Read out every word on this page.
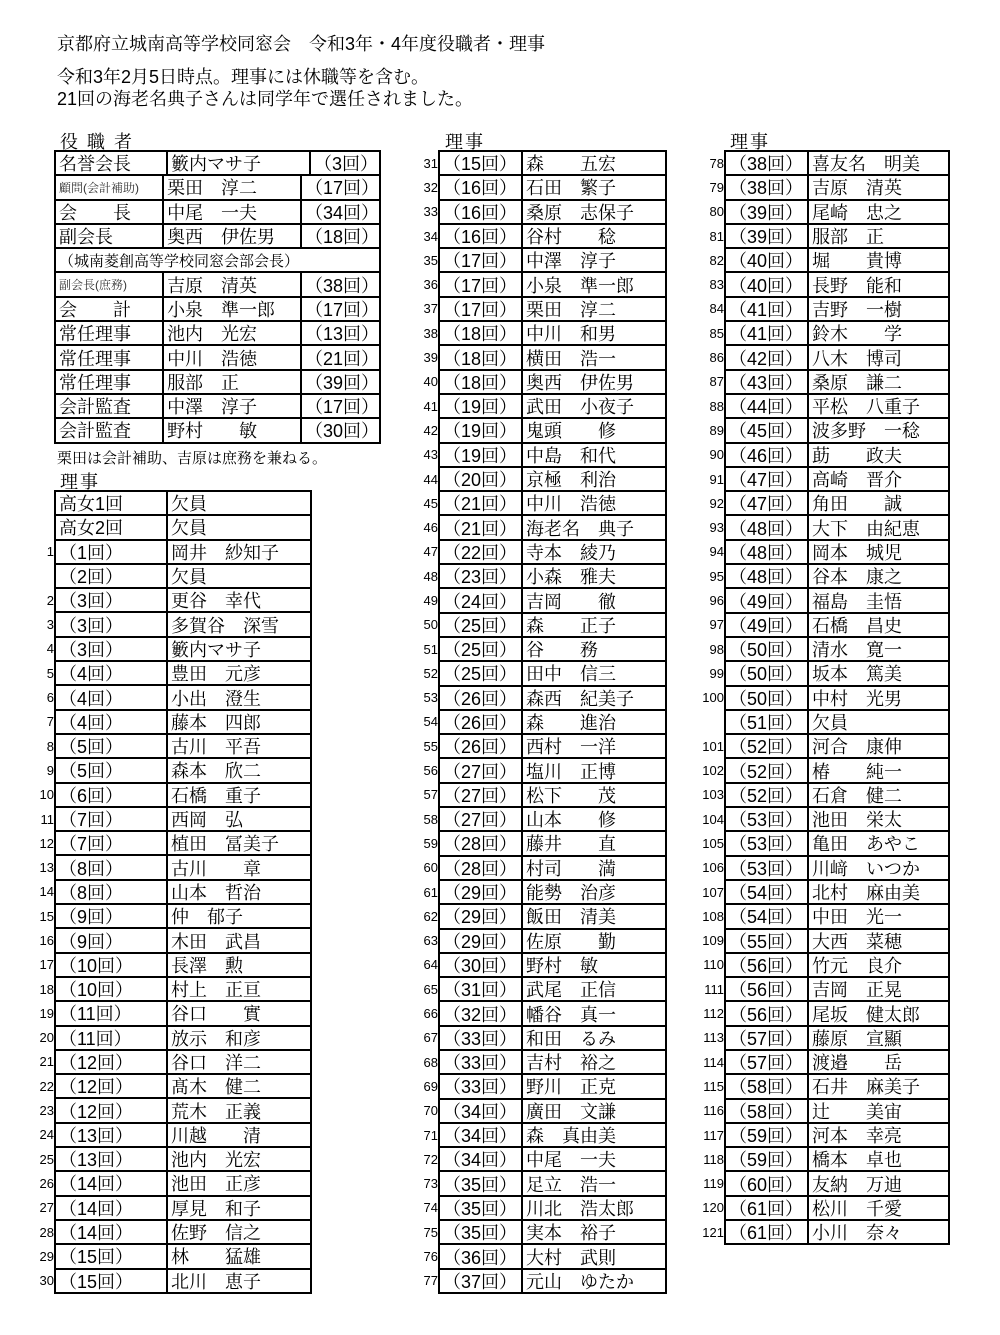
京都府立城南高等学校同窓会　令和3年・4年度役職者・理事
令和3年2月5日時点。理事には休職等を含む。
21回の海老名典子さんは同学年で選任されました。
役 職 者
名誉会長	籔内マサ子	（3回）
顧問(会計補助)	栗田　淳二	（17回）
会　　長	中尾　一夫	（34回）
副会長	奥西　伊佐男	（18回）
（城南菱創高等学校同窓会部会長）
副会長(庶務)	吉原　清英	（38回）
会　　計	小泉　準一郎	（17回）
常任理事	池内　光宏	（13回）
常任理事	中川　浩徳	（21回）
常任理事	服部　正	（39回）
会計監査	中澤　淳子	（17回）
会計監査	野村　　敏	（30回）
栗田は会計補助、吉原は庶務を兼ねる。
理事
高女1回	欠員
高女2回	欠員
1 （1回）	岡井　紗知子
（2回）	欠員
2 （3回）	更谷　幸代
3 （3回）	多賀谷　深雪
4 （3回）	籔内マサ子
5 （4回）	豊田　元彦
6 （4回）	小出　澄生
7 （4回）	藤本　四郎
8 （5回）	古川　平吾
9 （5回）	森本　欣二
10 （6回）	石橋　重子
11 （7回）	西岡　弘
12 （7回）	植田　冨美子
13 （8回）	古川　　章
14 （8回）	山本　哲治
15 （9回）	仲　郁子
16 （9回）	木田　武昌
17 （10回）	長澤　勲
18 （10回）	村上　正亘
19 （11回）	谷口　　實
20 （11回）	放示　和彦
21 （12回）	谷口　洋二
22 （12回）	髙木　健二
23 （12回）	荒木　正義
24 （13回）	川越　　清
25 （13回）	池内　光宏
26 （14回）	池田　正彦
27 （14回）	厚見　和子
28 （14回）	佐野　信之
29 （15回）	林　　猛雄
30 （15回）	北川　恵子
理事
31 （15回） 森　　五宏
32 （16回） 石田　繁子
33 （16回） 桑原　志保子
34 （16回） 谷村　　稔
35 （17回） 中澤　淳子
36 （17回） 小泉　準一郎
37 （17回） 栗田　淳二
38 （18回） 中川　和男
39 （18回） 横田　浩一
40 （18回） 奥西　伊佐男
41 （19回） 武田　小夜子
42 （19回） 鬼頭　　修
43 （19回） 中島　和代
44 （20回） 京極　利治
45 （21回） 中川　浩徳
46 （21回） 海老名　典子
47 （22回） 寺本　綾乃
48 （23回） 小森　雅夫
49 （24回） 吉岡　　徹
50 （25回） 森　　正子
51 （25回） 谷　　務
52 （25回） 田中　信三
53 （26回） 森西　紀美子
54 （26回） 森　　進治
55 （26回） 西村　一洋
56 （27回） 塩川　正博
57 （27回） 松下　　茂
58 （27回） 山本　　修
59 （28回） 藤井　　直
60 （28回） 村司　　満
61 （29回） 能勢　治彦
62 （29回） 飯田　清美
63 （29回） 佐原　　勤
64 （30回） 野村　敏
65 （31回） 武尾　正信
66 （32回） 幡谷　真一
67 （33回） 和田　るみ
68 （33回） 吉村　裕之
69 （33回） 野川　正克
70 （34回） 廣田　文謙
71 （34回） 森　真由美
72 （34回） 中尾　一夫
73 （35回） 足立　浩一
74 （35回） 川北　浩太郎
75 （35回） 実本　裕子
76 （36回） 大村　武則
77 （37回） 元山　ゆたか
理事
78 （38回） 喜友名　明美
79 （38回） 吉原　清英
80 （39回） 尾崎　忠之
81 （39回） 服部　正
82 （40回） 堀　　貴博
83 （40回） 長野　能和
84 （41回） 吉野　一樹
85 （41回） 鈴木　　学
86 （42回） 八木　博司
87 （43回） 桑原　謙二
88 （44回） 平松　八重子
89 （45回） 波多野　一稔
90 （46回） 莇　　政夫
91 （47回） 高崎　晋介
92 （47回） 角田　　誠
93 （48回） 大下　由紀恵
94 （48回） 岡本　城児
95 （48回） 谷本　康之
96 （49回） 福島　圭悟
97 （49回） 石橋　昌史
98 （50回） 清水　寛一
99 （50回） 坂本　篤美
100 （50回） 中村　光男
（51回） 欠員
101 （52回） 河合　康伸
102 （52回） 椿　　純一
103 （52回） 石倉　健二
104 （53回） 池田　栄太
105 （53回） 亀田　あやこ
106 （53回） 川﨑　いつか
107 （54回） 北村　麻由美
108 （54回） 中田　光一
109 （55回） 大西　菜穂
110 （56回） 竹元　良介
111 （56回） 吉岡　正晃
112 （56回） 尾坂　健太郎
113 （57回） 藤原　宣顯
114 （57回） 渡邉　　岳
115 （58回） 石井　麻美子
116 （58回） 辻　　美宙
117 （59回） 河本　幸亮
118 （59回） 橋本　卓也
119 （60回） 友納　万迪
120 （61回） 松川　千愛
121 （61回） 小川　奈々
